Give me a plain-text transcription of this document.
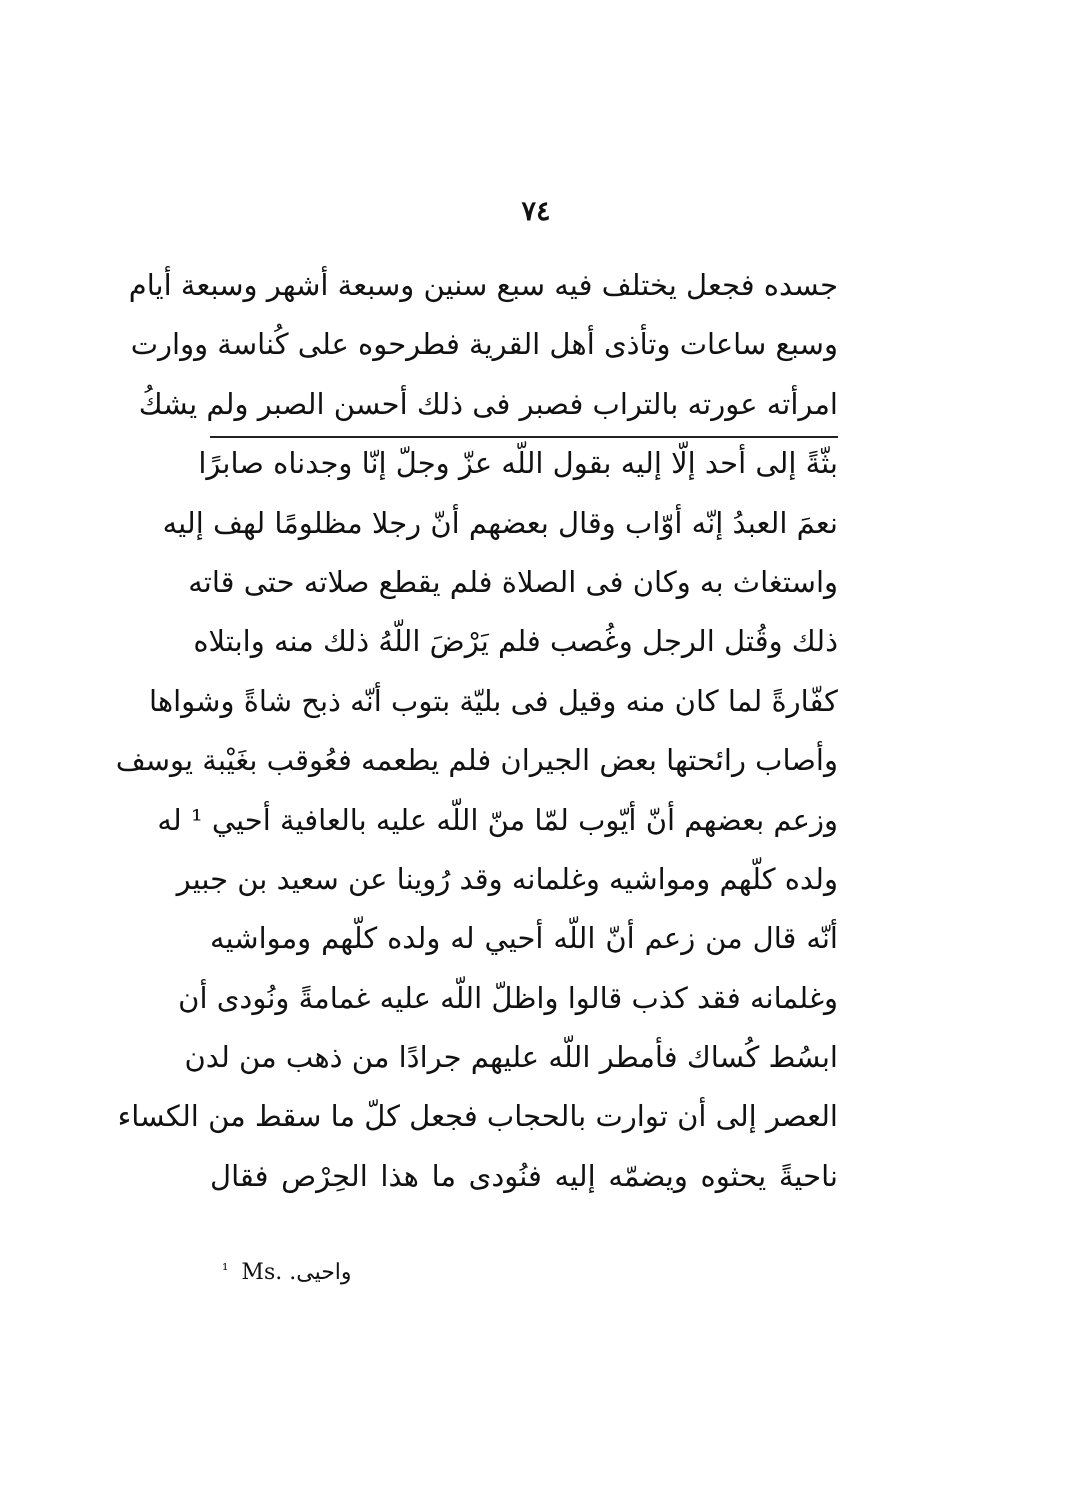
٧٤
جسده فجعل يختلف فيه سبع سنين وسبعة أشهر وسبعة أيام
وسبع ساعات وتأذى أهل القرية فطرحوه على كُناسة ووارت
امرأته عورته بالتراب فصبر فى ذلك أحسن الصبر ولم يشكُ
بثّةً إلى أحد إلّا إليه بقول اللّه عزّ وجلّ إنّا وجدناه صابرًا
نعمَ العبدُ إنّه أوّاب وقال بعضهم أنّ رجلا مظلومًا لهف إليه
واستغاث به وكان فى الصلاة فلم يقطع صلاته حتى قاته
ذلك وقُتل الرجل وغُصب فلم يَرْضَ اللّهُ ذلك منه وابتلاه
كفّارةً لما كان منه وقيل فى بليّة بتوب أنّه ذبح شاةً وشواها
وأصاب رائحتها بعض الجيران فلم يطعمه فعُوقب بغَيْبة يوسف
وزعم بعضهم أنّ أيّوب لمّا منّ اللّه عليه بالعافية أحيي ¹ له
ولده كلّهم ومواشيه وغلمانه وقد رُوينا عن سعيد بن جبير
أنّه قال من زعم أنّ اللّه أحيي له ولده كلّهم ومواشيه
وغلمانه فقد كذب قالوا واظلّ اللّه عليه غمامةً ونُودى أن
ابسُط كُساك فأمطر اللّه عليهم جرادًا من ذهب من لدن
العصر إلى أن توارت بالحجاب فجعل كلّ ما سقط من الكساء
ناحيةً يحثوه ويضمّه إليه فنُودى ما هذا الحِرْص فقال
$^{^1}$ Ms. واحيى.
